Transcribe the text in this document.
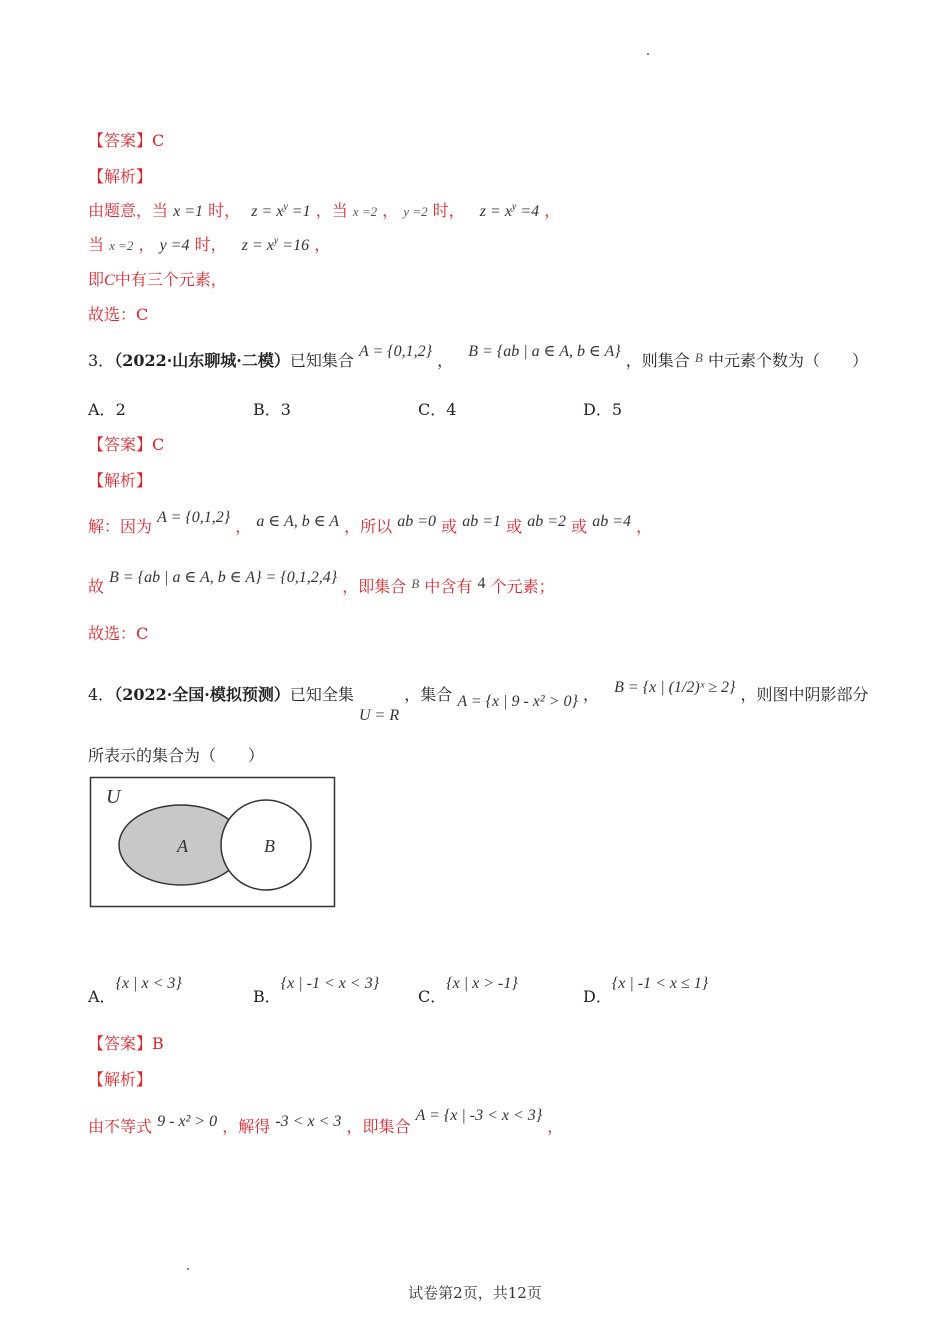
【答案】C
【解析】
由题意，当 x =1 时， $z = x^y =1$ ，当 x =2 ， y =2 时， $z = x^y =4$ ，
当 x =2 ， y =4 时， $z = x^y =16$ ，
即C中有三个元素，
故选：C
3．（2022·山东聊城·二模）已知集合 A = {0,1,2} ， B = {ab | a ∈ A, b ∈ A} ，则集合 $^B$ 中元素个数为（　　）
A．2	B．3	C．4	D．5
【答案】C
【解析】
解：因为 A = {0,1,2} ， a ∈ A, b ∈ A ，所以 ab =0 或 ab =1 或 ab =2 或 ab =4 ，
故 B = {ab | a ∈ A, b ∈ A} = {0,1,2,4} ，即集合 $^B$ 中含有 4 个元素；
故选：C
4．（2022·全国·模拟预测）已知全集 U = R ，集合 A = {x | 9 - x² > 0} ， B = {x | (1/2)ˣ ≥ 2} ，则图中阴影部分
所表示的集合为（　　）
U
A	B
A．{x | x < 3}
B．{x | -1 < x < 3}
C．{x | x > -1}
D．{x | -1 < x ≤ 1}
【答案】B
【解析】
由不等式 9 - x² > 0 ，解得 -3 < x < 3 ，即集合 A = {x | -3 < x < 3} ，
试卷第2页，共12页
